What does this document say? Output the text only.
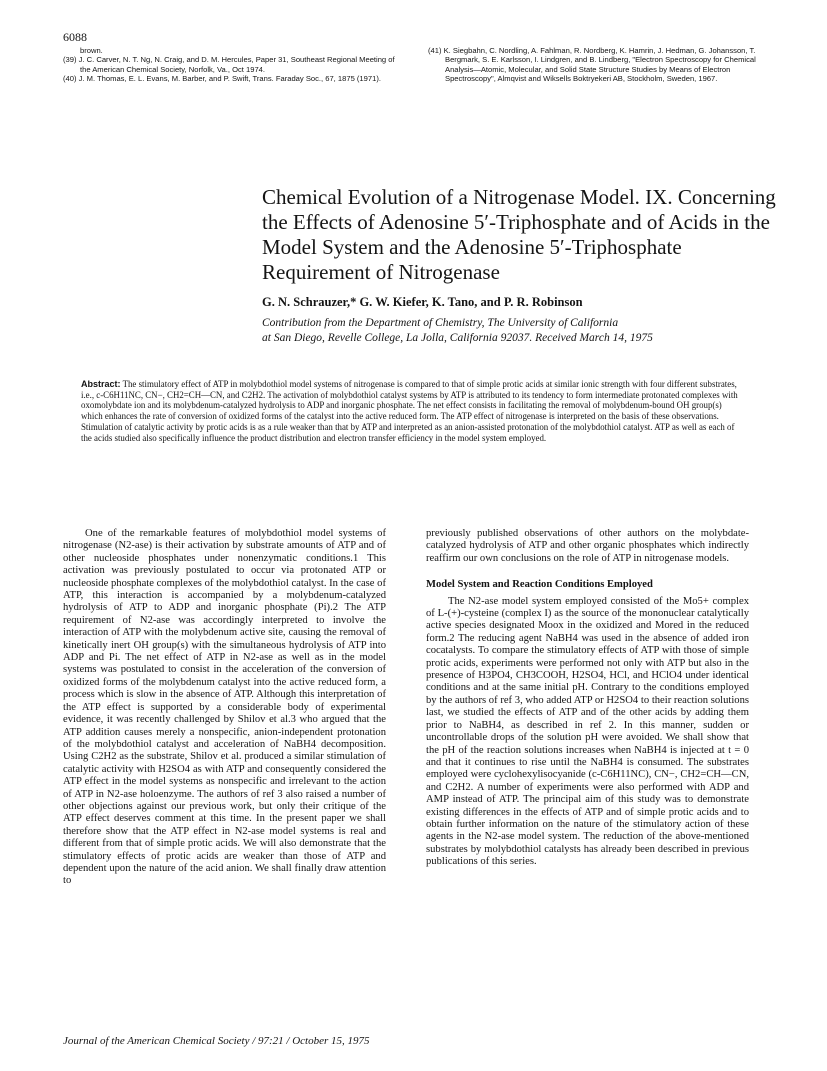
6088

brown.

(39) J. C. Carver, N. T. Ng, N. Craig, and D. M. Hercules, Paper 31, Southeast Regional Meeting of the American Chemical Society, Norfolk, Va., Oct 1974.

(40) J. M. Thomas, E. L. Evans, M. Barber, and P. Swift, Trans. Faraday Soc., 67, 1875 (1971).

(41) K. Siegbahn, C. Nordling, A. Fahlman, R. Nordberg, K. Hamrin, J. Hedman, G. Johansson, T. Bergmark, S. E. Karlsson, I. Lindgren, and B. Lindberg, "Electron Spectroscopy for Chemical Analysis—Atomic, Molecular, and Solid State Structure Studies by Means of Electron Spectroscopy", Almqvist and Wiksells Boktryekeri AB, Stockholm, Sweden, 1967.

Chemical Evolution of a Nitrogenase Model. IX. Concerning the Effects of Adenosine 5′-Triphosphate and of Acids in the Model System and the Adenosine 5′-Triphosphate Requirement of Nitrogenase
G. N. Schrauzer,* G. W. Kiefer, K. Tano, and P. R. Robinson
Contribution from the Department of Chemistry, The University of California
at San Diego, Revelle College, La Jolla, California 92037. Received March 14, 1975

Abstract: The stimulatory effect of ATP in molybdothiol model systems of nitrogenase is compared to that of simple protic acids at similar ionic strength with four different substrates, i.e., c-C6H11NC, CN−, CH2=CH—CN, and C2H2. The activation of molybdothiol catalyst systems by ATP is attributed to its tendency to form intermediate protonated complexes with oxomolybdate ion and its molybdenum-catalyzed hydrolysis to ADP and inorganic phosphate. The net effect consists in facilitating the removal of molybdenum-bound OH group(s) which enhances the rate of conversion of oxidized forms of the catalyst into the active reduced form. The ATP effect of nitrogenase is interpreted on the basis of these observations. Stimulation of catalytic activity by protic acids is as a rule weaker than that by ATP and interpreted as an anion-assisted protonation of the molybdothiol catalyst. ATP as well as each of the acids studied also specifically influence the product distribution and electron transfer efficiency in the model system employed.

One of the remarkable features of molybdothiol model systems of nitrogenase (N2-ase) is their activation by substrate amounts of ATP and of other nucleoside phosphates under nonenzymatic conditions.1 This activation was previously postulated to occur via protonated ATP or nucleoside phosphate complexes of the molybdothiol catalyst. In the case of ATP, this interaction is accompanied by a molybdenum-catalyzed hydrolysis of ATP to ADP and inorganic phosphate (Pi).2 The ATP requirement of N2-ase was accordingly interpreted to involve the interaction of ATP with the molybdenum active site, causing the removal of kinetically inert OH group(s) with the simultaneous hydrolysis of ATP into ADP and Pi. The net effect of ATP in N2-ase as well as in the model systems was postulated to consist in the acceleration of the conversion of oxidized forms of the molybdenum catalyst into the active reduced form, a process which is slow in the absence of ATP. Although this interpretation of the ATP effect is supported by a considerable body of experimental evidence, it was recently challenged by Shilov et al.3 who argued that the ATP addition causes merely a nonspecific, anion-independent protonation of the molybdothiol catalyst and acceleration of NaBH4 decomposition. Using C2H2 as the substrate, Shilov et al. produced a similar stimulation of catalytic activity with H2SO4 as with ATP and consequently considered the ATP effect in the model systems as nonspecific and irrelevant to the action of ATP in N2-ase holoenzyme. The authors of ref 3 also raised a number of other objections against our previous work, but only their critique of the ATP effect deserves comment at this time. In the present paper we shall therefore show that the ATP effect in N2-ase model systems is real and different from that of simple protic acids. We will also demonstrate that the stimulatory effects of protic acids are weaker than those of ATP and dependent upon the nature of the acid anion. We shall finally draw attention to

previously published observations of other authors on the molybdate-catalyzed hydrolysis of ATP and other organic phosphates which indirectly reaffirm our own conclusions on the role of ATP in nitrogenase models.

Model System and Reaction Conditions Employed

The N2-ase model system employed consisted of the Mo5+ complex of L-(+)-cysteine (complex I) as the source of the mononuclear catalytically active species designated Moox in the oxidized and Mored in the reduced form.2 The reducing agent NaBH4 was used in the absence of added iron cocatalysts. To compare the stimulatory effects of ATP with those of simple protic acids, experiments were performed not only with ATP but also in the presence of H3PO4, CH3COOH, H2SO4, HCl, and HClO4 under identical conditions and at the same initial pH. Contrary to the conditions employed by the authors of ref 3, who added ATP or H2SO4 to their reaction solutions last, we studied the effects of ATP and of the other acids by adding them prior to NaBH4, as described in ref 2. In this manner, sudden or uncontrollable drops of the solution pH were avoided. We shall show that the pH of the reaction solutions increases when NaBH4 is injected at t = 0 and that it continues to rise until the NaBH4 is consumed. The substrates employed were cyclohexylisocyanide (c-C6H11NC), CN−, CH2=CH—CN, and C2H2. A number of experiments were also performed with ADP and AMP instead of ATP. The principal aim of this study was to demonstrate existing differences in the effects of ATP and of simple protic acids and to obtain further information on the nature of the stimulatory action of these agents in the N2-ase model system. The reduction of the above-mentioned substrates by molybdothiol catalysts has already been described in previous publications of this series.

Journal of the American Chemical Society / 97:21 / October 15, 1975
